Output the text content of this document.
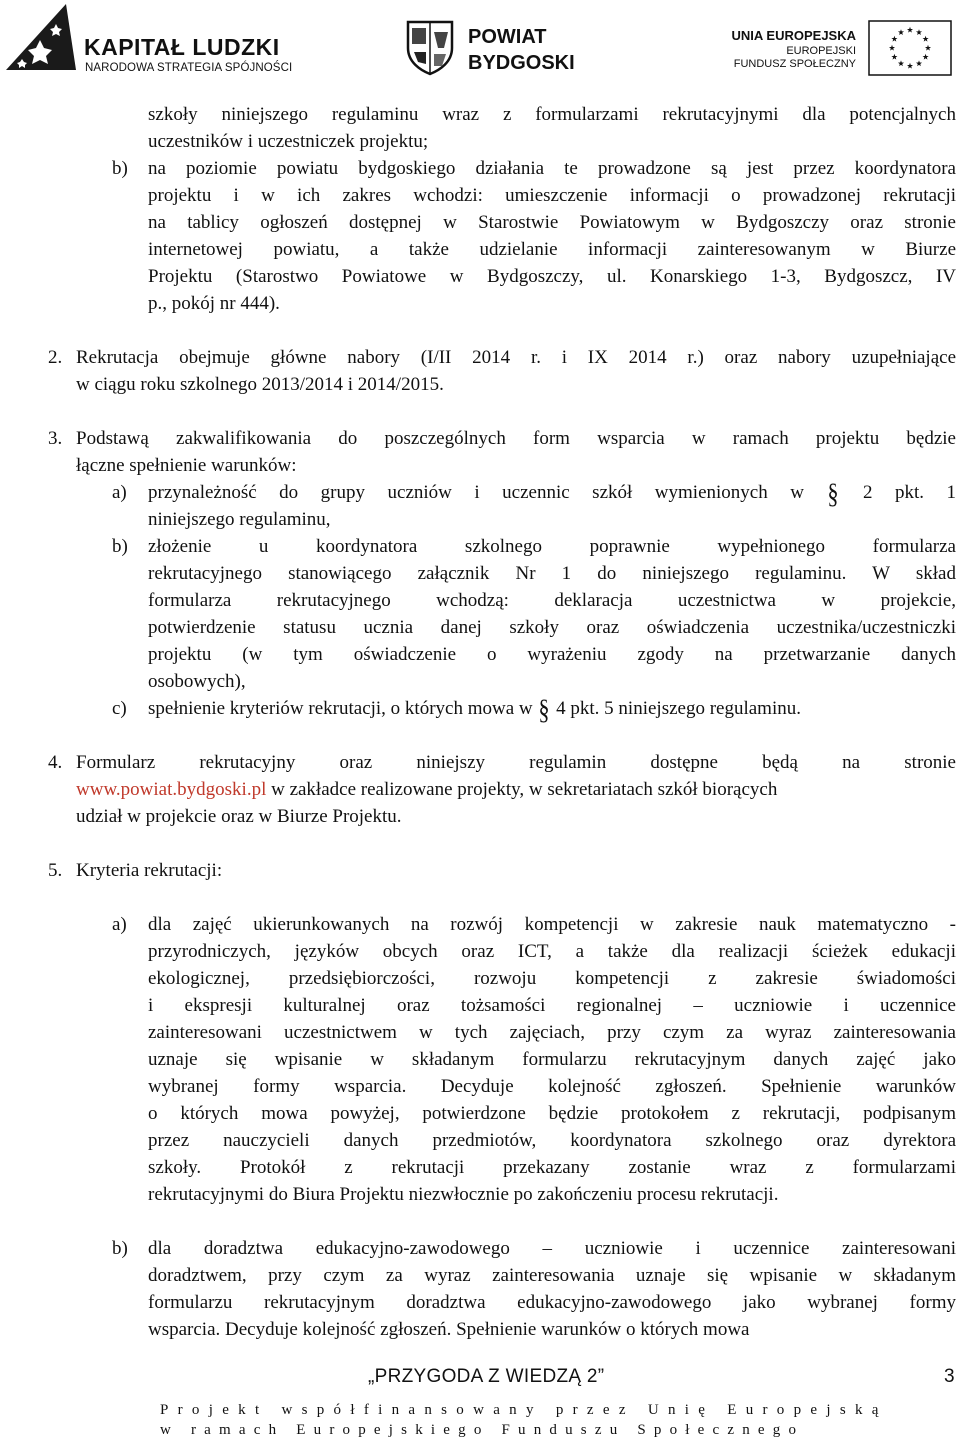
KAPITAŁ LUDZKI
NARODOWA STRATEGIA SPÓJNOŚCI
POWIAT
BYDGOSKI
UNIA EUROPEJSKA
EUROPEJSKI
FUNDUSZ SPOŁECZNY
szkoły niniejszego regulaminu wraz z formularzami rekrutacyjnymi dla potencjalnych
uczestników i uczestniczek projektu;
b) na poziomie powiatu bydgoskiego działania te prowadzone są jest przez koordynatora
projektu i w ich zakres wchodzi: umieszczenie informacji o prowadzonej rekrutacji
na tablicy ogłoszeń dostępnej w Starostwie Powiatowym w Bydgoszczy oraz stronie
internetowej powiatu, a także udzielanie informacji zainteresowanym w Biurze
Projektu (Starostwo Powiatowe w Bydgoszczy, ul. Konarskiego 1-3, Bydgoszcz, IV
p., pokój nr 444).
2. Rekrutacja obejmuje główne nabory (I/II 2014 r. i IX 2014 r.) oraz nabory uzupełniające
w ciągu roku szkolnego 2013/2014 i 2014/2015.
3. Podstawą zakwalifikowania do poszczególnych form wsparcia w ramach projektu będzie
łączne spełnienie warunków:
a) przynależność do grupy uczniów i uczennic szkół wymienionych w § 2 pkt. 1
niniejszego regulaminu,
b) złożenie u koordynatora szkolnego poprawnie wypełnionego formularza
rekrutacyjnego stanowiącego załącznik Nr 1 do niniejszego regulaminu. W skład
formularza rekrutacyjnego wchodzą: deklaracja uczestnictwa w projekcie,
potwierdzenie statusu ucznia danej szkoły oraz oświadczenia uczestnika/uczestniczki
projektu (w tym oświadczenie o wyrażeniu zgody na przetwarzanie danych
osobowych),
c) spełnienie kryteriów rekrutacji, o których mowa w § 4 pkt. 5 niniejszego regulaminu.
4. Formularz rekrutacyjny oraz niniejszy regulamin dostępne będą na stronie
www.powiat.bydgoski.pl w zakładce realizowane projekty, w sekretariatach szkół biorących
udział w projekcie oraz w Biurze Projektu.
5. Kryteria rekrutacji:
a) dla zajęć ukierunkowanych na rozwój kompetencji w zakresie nauk matematyczno -
przyrodniczych, języków obcych oraz ICT, a także dla realizacji ścieżek edukacji
ekologicznej, przedsiębiorczości, rozwoju kompetencji z zakresie świadomości
i ekspresji kulturalnej oraz tożsamości regionalnej – uczniowie i uczennice
zainteresowani uczestnictwem w tych zajęciach, przy czym za wyraz zainteresowania
uznaje się wpisanie w składanym formularzu rekrutacyjnym danych zajęć jako
wybranej formy wsparcia. Decyduje kolejność zgłoszeń. Spełnienie warunków
o których mowa powyżej, potwierdzone będzie protokołem z rekrutacji, podpisanym
przez nauczycieli danych przedmiotów, koordynatora szkolnego oraz dyrektora
szkoły. Protokół z rekrutacji przekazany zostanie wraz z formularzami
rekrutacyjnymi do Biura Projektu niezwłocznie po zakończeniu procesu rekrutacji.
b) dla doradztwa edukacyjno-zawodowego – uczniowie i uczennice zainteresowani
doradztwem, przy czym za wyraz zainteresowania uznaje się wpisanie w składanym
formularzu rekrutacyjnym doradztwa edukacyjno-zawodowego jako wybranej formy
wsparcia. Decyduje kolejność zgłoszeń. Spełnienie warunków o których mowa
„PRZYGODA Z WIEDZĄ 2”	3
Projekt współfinansowany przez Unię Europejską
w ramach Europejskiego Funduszu Społecznego
